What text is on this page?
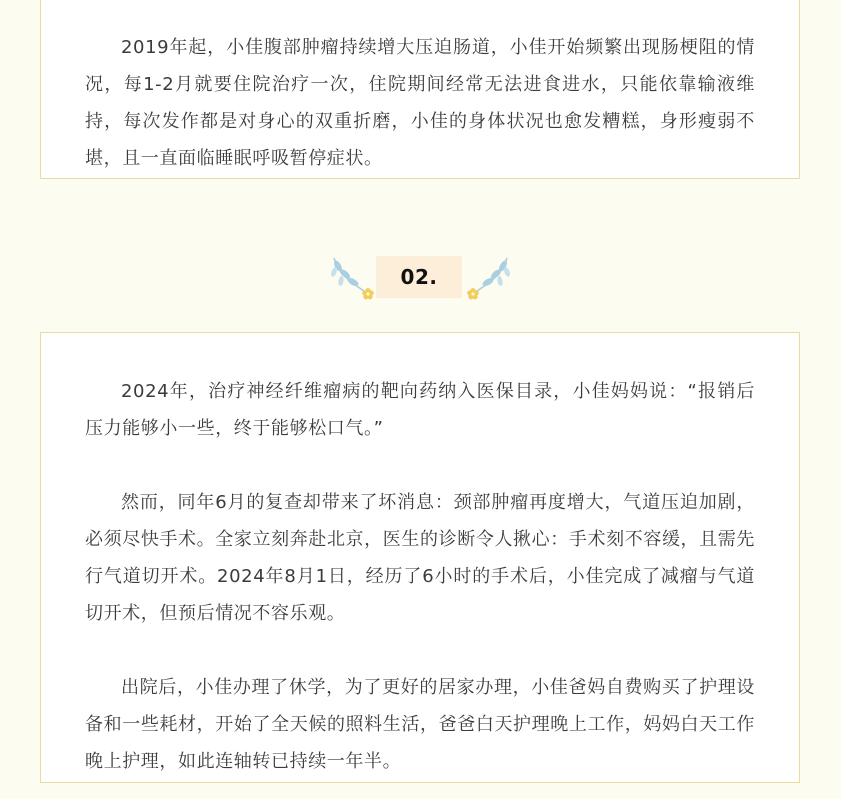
2019年起，小佳腹部肿瘤持续增大压迫肠道，小佳开始频繁出现肠梗阻的情况，每1-2月就要住院治疗一次，住院期间经常无法进食进水，只能依靠输液维持，每次发作都是对身心的双重折磨，小佳的身体状况也愈发糟糕，身形瘦弱不堪，且一直面临睡眠呼吸暂停症状。

02.

2024年，治疗神经纤维瘤病的靶向药纳入医保目录，小佳妈妈说：“报销后压力能够小一些，终于能够松口气。”

然而，同年6月的复查却带来了坏消息：颈部肿瘤再度增大，气道压迫加剧，必须尽快手术。全家立刻奔赴北京，医生的诊断令人揪心：手术刻不容缓，且需先行气道切开术。2024年8月1日，经历了6小时的手术后，小佳完成了减瘤与气道切开术，但预后情况不容乐观。

出院后，小佳办理了休学，为了更好的居家办理，小佳爸妈自费购买了护理设备和一些耗材，开始了全天候的照料生活，爸爸白天护理晚上工作，妈妈白天工作晚上护理，如此连轴转已持续一年半。
